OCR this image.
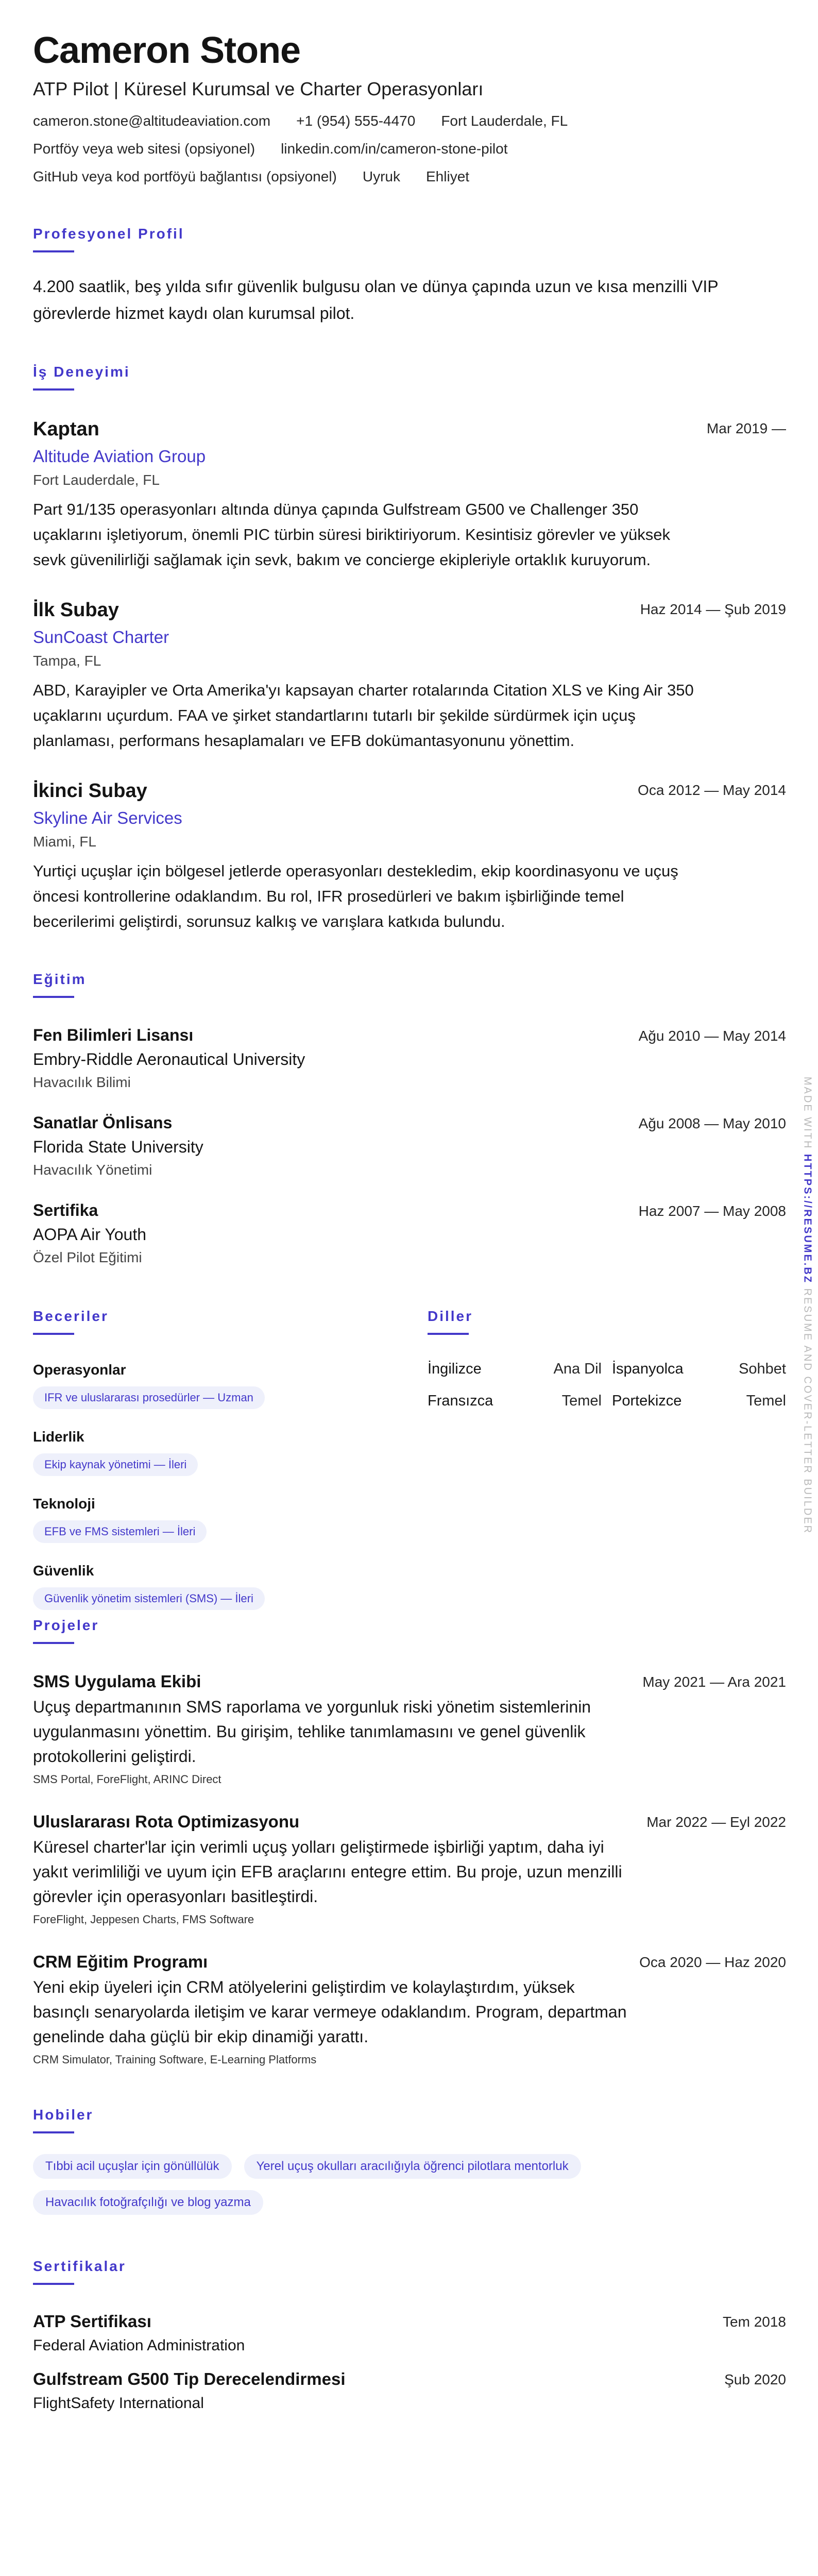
Cameron Stone
ATP Pilot | Küresel Kurumsal ve Charter Operasyonları
cameron.stone@altitudeaviation.com +1 (954) 555-4470 Fort Lauderdale, FL
Portföy veya web sitesi (opsiyonel) linkedin.com/in/cameron-stone-pilot
GitHub veya kod portföyü bağlantısı (opsiyonel) Uyruk Ehliyet
Profesyonel Profil
4.200 saatlik, beş yılda sıfır güvenlik bulgusu olan ve dünya çapında uzun ve kısa menzilli VIP görevlerde hizmet kaydı olan kurumsal pilot.
İş Deneyimi
Kaptan	Mar 2019 —
Altitude Aviation Group
Fort Lauderdale, FL
Part 91/135 operasyonları altında dünya çapında Gulfstream G500 ve Challenger 350 uçaklarını işletiyorum, önemli PIC türbin süresi biriktiriyorum. Kesintisiz görevler ve yüksek sevk güvenilirliği sağlamak için sevk, bakım ve concierge ekipleriyle ortaklık kuruyorum.
İlk Subay	Haz 2014 — Şub 2019
SunCoast Charter
Tampa, FL
ABD, Karayipler ve Orta Amerika'yı kapsayan charter rotalarında Citation XLS ve King Air 350 uçaklarını uçurdum. FAA ve şirket standartlarını tutarlı bir şekilde sürdürmek için uçuş planlaması, performans hesaplamaları ve EFB dokümantasyonunu yönettim.
İkinci Subay	Oca 2012 — May 2014
Skyline Air Services
Miami, FL
Yurtiçi uçuşlar için bölgesel jetlerde operasyonları destekledim, ekip koordinasyonu ve uçuş öncesi kontrollerine odaklandım. Bu rol, IFR prosedürleri ve bakım işbirliğinde temel becerilerimi geliştirdi, sorunsuz kalkış ve varışlara katkıda bulundu.
Eğitim
Fen Bilimleri Lisansı	Ağu 2010 — May 2014
Embry-Riddle Aeronautical University
Havacılık Bilimi
Sanatlar Önlisans	Ağu 2008 — May 2010
Florida State University
Havacılık Yönetimi
Sertifika	Haz 2007 — May 2008
AOPA Air Youth
Özel Pilot Eğitimi
Beceriler
Operasyonlar
IFR ve uluslararası prosedürler — Uzman
Liderlik
Ekip kaynak yönetimi — İleri
Teknoloji
EFB ve FMS sistemleri — İleri
Güvenlik
Güvenlik yönetim sistemleri (SMS) — İleri
Diller
İngilizce	Ana Dil İspanyolca	Sohbet
Fransızca	Temel Portekizce	Temel
Projeler
SMS Uygulama Ekibi	May 2021 — Ara 2021
Uçuş departmanının SMS raporlama ve yorgunluk riski yönetim sistemlerinin uygulanmasını yönettim. Bu girişim, tehlike tanımlamasını ve genel güvenlik protokollerini geliştirdi.
SMS Portal, ForeFlight, ARINC Direct
Uluslararası Rota Optimizasyonu	Mar 2022 — Eyl 2022
Küresel charter'lar için verimli uçuş yolları geliştirmede işbirliği yaptım, daha iyi yakıt verimliliği ve uyum için EFB araçlarını entegre ettim. Bu proje, uzun menzilli görevler için operasyonları basitleştirdi.
ForeFlight, Jeppesen Charts, FMS Software
CRM Eğitim Programı	Oca 2020 — Haz 2020
Yeni ekip üyeleri için CRM atölyelerini geliştirdim ve kolaylaştırdım, yüksek basınçlı senaryolarda iletişim ve karar vermeye odaklandım. Program, departman genelinde daha güçlü bir ekip dinamiği yarattı.
CRM Simulator, Training Software, E-Learning Platforms
Hobiler
Tıbbi acil uçuşlar için gönüllülük	Yerel uçuş okulları aracılığıyla öğrenci pilotlara mentorluk
Havacılık fotoğrafçılığı ve blog yazma
Sertifikalar
ATP Sertifikası	Tem 2018
Federal Aviation Administration
Gulfstream G500 Tip Derecelendirmesi	Şub 2020
FlightSafety International
MADE WITH HTTPS://RESUME.BZ RESUME AND COVER-LETTER BUILDER
